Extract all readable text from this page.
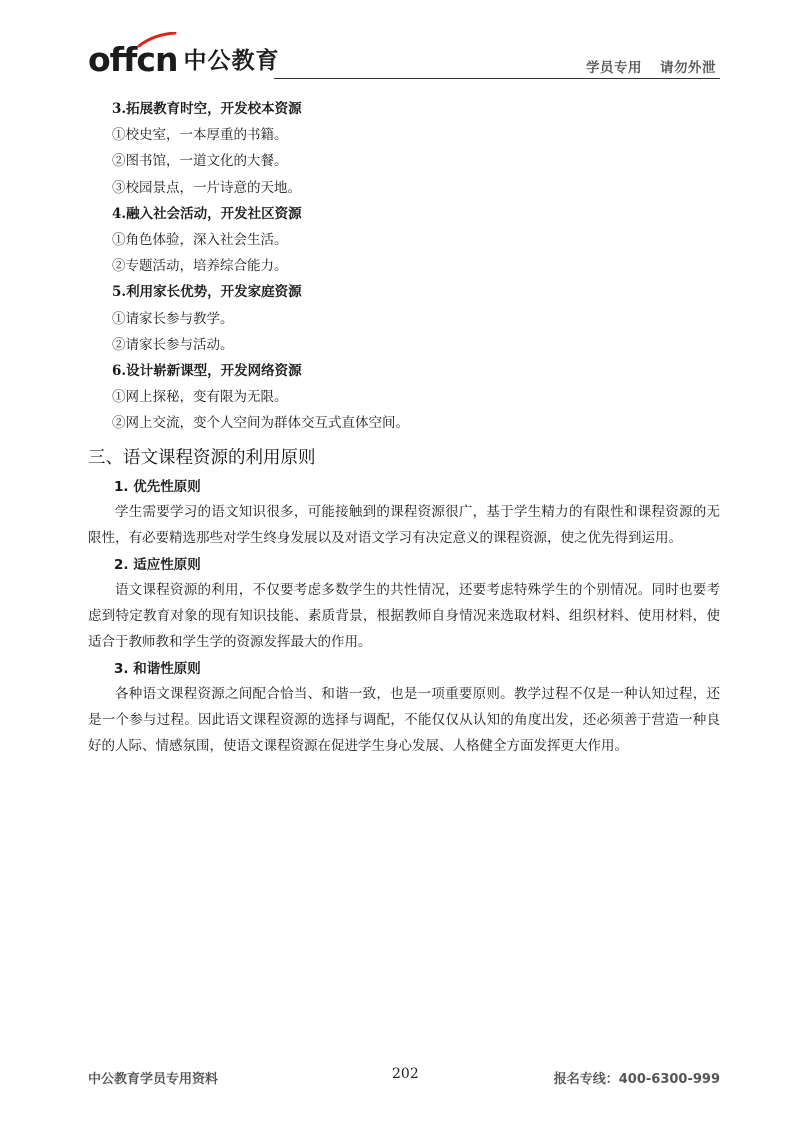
offcn 中公教育	学员专用 请勿外泄
3.拓展教育时空，开发校本资源
①校史室，一本厚重的书籍。
②图书馆，一道文化的大餐。
③校园景点，一片诗意的天地。
4.融入社会活动，开发社区资源
①角色体验，深入社会生活。
②专题活动，培养综合能力。
5.利用家长优势，开发家庭资源
①请家长参与教学。
②请家长参与活动。
6.设计崭新课型，开发网络资源
①网上探秘，变有限为无限。
②网上交流，变个人空间为群体交互式直体空间。
三、语文课程资源的利用原则
1. 优先性原则

学生需要学习的语文知识很多，可能接触到的课程资源很广，基于学生精力的有限性和课程资源的无限性，有必要精选那些对学生终身发展以及对语文学习有决定意义的课程资源，使之优先得到运用。

2. 适应性原则

语文课程资源的利用，不仅要考虑多数学生的共性情况，还要考虑特殊学生的个别情况。同时也要考虑到特定教育对象的现有知识技能、素质背景，根据教师自身情况来选取材料、组织材料、使用材料，使适合于教师教和学生学的资源发挥最大的作用。

3. 和谐性原则

各种语文课程资源之间配合恰当、和谐一致，也是一项重要原则。教学过程不仅是一种认知过程，还是一个参与过程。因此语文课程资源的选择与调配，不能仅仅从认知的角度出发，还必须善于营造一种良好的人际、情感氛围，使语文课程资源在促进学生身心发展、人格健全方面发挥更大作用。

中公教育学员专用资料	202	报名专线：400-6300-999
